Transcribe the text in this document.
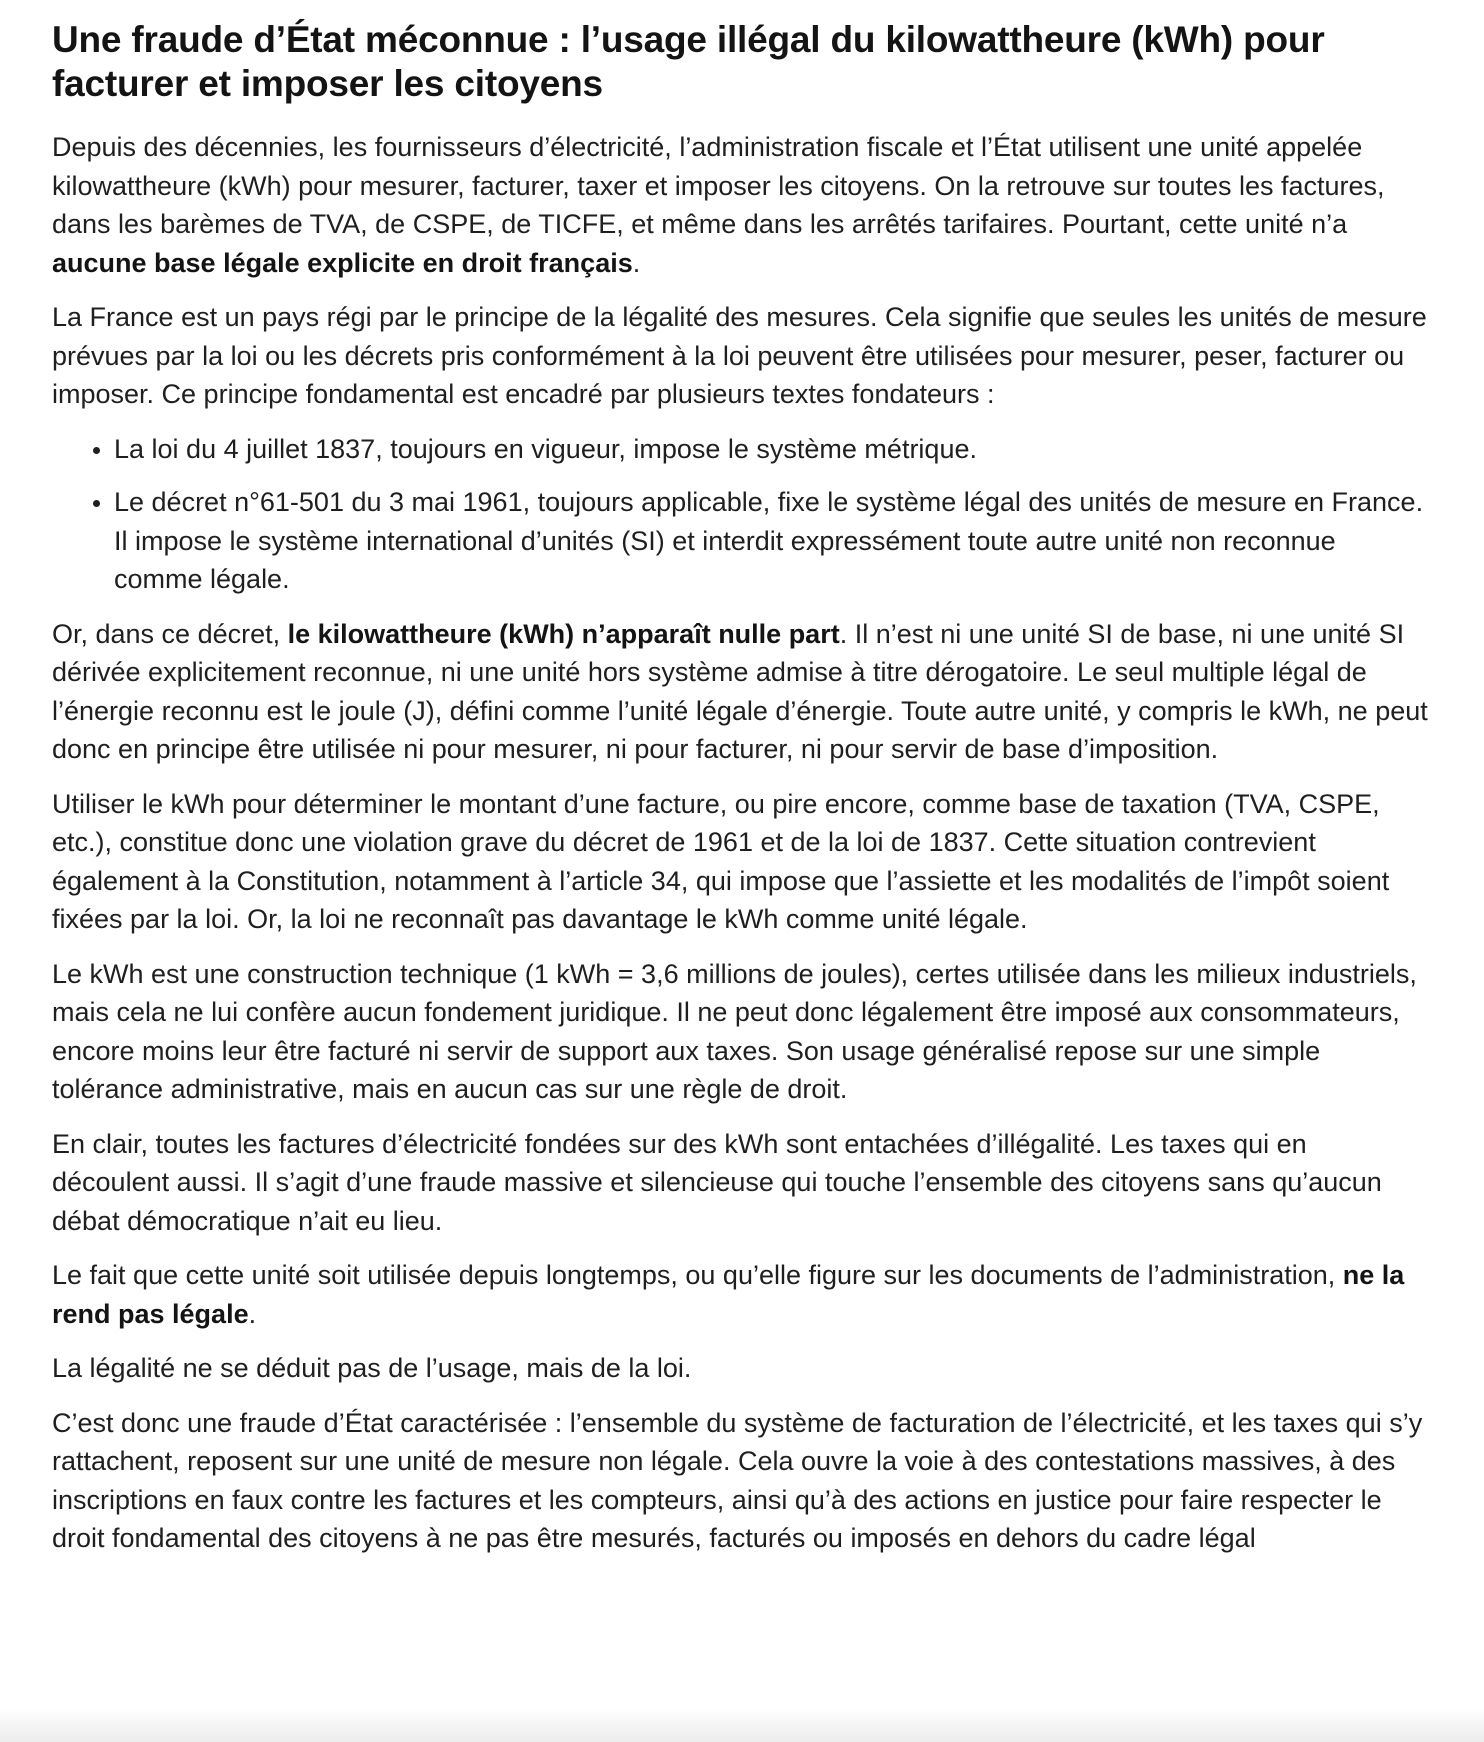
Une fraude d’État méconnue : l’usage illégal du kilowattheure (kWh) pour facturer et imposer les citoyens

Depuis des décennies, les fournisseurs d’électricité, l’administration fiscale et l’État utilisent une unité appelée kilowattheure (kWh) pour mesurer, facturer, taxer et imposer les citoyens. On la retrouve sur toutes les factures, dans les barèmes de TVA, de CSPE, de TICFE, et même dans les arrêtés tarifaires. Pourtant, cette unité n’a aucune base légale explicite en droit français.

La France est un pays régi par le principe de la légalité des mesures. Cela signifie que seules les unités de mesure prévues par la loi ou les décrets pris conformément à la loi peuvent être utilisées pour mesurer, peser, facturer ou imposer. Ce principe fondamental est encadré par plusieurs textes fondateurs :

• La loi du 4 juillet 1837, toujours en vigueur, impose le système métrique.
• Le décret n°61-501 du 3 mai 1961, toujours applicable, fixe le système légal des unités de mesure en France. Il impose le système international d’unités (SI) et interdit expressément toute autre unité non reconnue comme légale.

Or, dans ce décret, le kilowattheure (kWh) n’apparaît nulle part. Il n’est ni une unité SI de base, ni une unité SI dérivée explicitement reconnue, ni une unité hors système admise à titre dérogatoire. Le seul multiple légal de l’énergie reconnu est le joule (J), défini comme l’unité légale d’énergie. Toute autre unité, y compris le kWh, ne peut donc en principe être utilisée ni pour mesurer, ni pour facturer, ni pour servir de base d’imposition.

Utiliser le kWh pour déterminer le montant d’une facture, ou pire encore, comme base de taxation (TVA, CSPE, etc.), constitue donc une violation grave du décret de 1961 et de la loi de 1837. Cette situation contrevient également à la Constitution, notamment à l’article 34, qui impose que l’assiette et les modalités de l’impôt soient fixées par la loi. Or, la loi ne reconnaît pas davantage le kWh comme unité légale.

Le kWh est une construction technique (1 kWh = 3,6 millions de joules), certes utilisée dans les milieux industriels, mais cela ne lui confère aucun fondement juridique. Il ne peut donc légalement être imposé aux consommateurs, encore moins leur être facturé ni servir de support aux taxes. Son usage généralisé repose sur une simple tolérance administrative, mais en aucun cas sur une règle de droit.

En clair, toutes les factures d’électricité fondées sur des kWh sont entachées d’illégalité. Les taxes qui en découlent aussi. Il s’agit d’une fraude massive et silencieuse qui touche l’ensemble des citoyens sans qu’aucun débat démocratique n’ait eu lieu.

Le fait que cette unité soit utilisée depuis longtemps, ou qu’elle figure sur les documents de l’administration, ne la rend pas légale.

La légalité ne se déduit pas de l’usage, mais de la loi.

C’est donc une fraude d’État caractérisée : l’ensemble du système de facturation de l’électricité, et les taxes qui s’y rattachent, reposent sur une unité de mesure non légale. Cela ouvre la voie à des contestations massives, à des inscriptions en faux contre les factures et les compteurs, ainsi qu’à des actions en justice pour faire respecter le droit fondamental des citoyens à ne pas être mesurés, facturés ou imposés en dehors du cadre légal
